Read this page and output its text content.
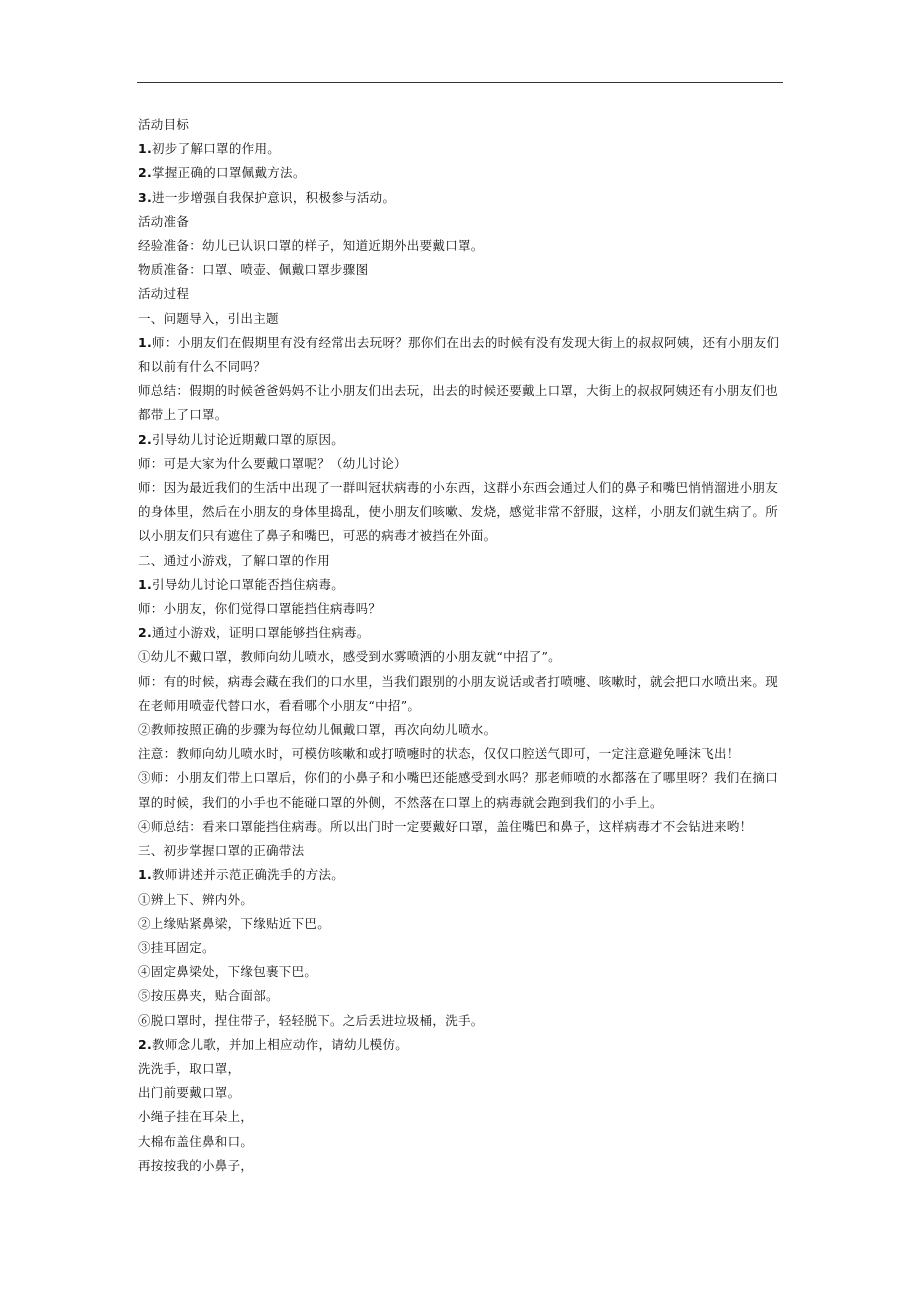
活动目标

1.初步了解口罩的作用。

2.掌握正确的口罩佩戴方法。

3.进一步增强自我保护意识，积极参与活动。

活动准备

经验准备：幼儿已认识口罩的样子，知道近期外出要戴口罩。

物质准备：口罩、喷壶、佩戴口罩步骤图

活动过程

一、问题导入，引出主题

1.师：小朋友们在假期里有没有经常出去玩呀？那你们在出去的时候有没有发现大街上的叔叔阿姨，还有小朋友们和以前有什么不同吗？

师总结：假期的时候爸爸妈妈不让小朋友们出去玩，出去的时候还要戴上口罩，大街上的叔叔阿姨还有小朋友们也都带上了口罩。

2.引导幼儿讨论近期戴口罩的原因。

师：可是大家为什么要戴口罩呢？（幼儿讨论）

师：因为最近我们的生活中出现了一群叫冠状病毒的小东西，这群小东西会通过人们的鼻子和嘴巴悄悄溜进小朋友的身体里，然后在小朋友的身体里捣乱，使小朋友们咳嗽、发烧，感觉非常不舒服，这样，小朋友们就生病了。所以小朋友们只有遮住了鼻子和嘴巴，可恶的病毒才被挡在外面。

二、通过小游戏，了解口罩的作用

1.引导幼儿讨论口罩能否挡住病毒。

师：小朋友，你们觉得口罩能挡住病毒吗？

2.通过小游戏，证明口罩能够挡住病毒。

①幼儿不戴口罩，教师向幼儿喷水，感受到水雾喷洒的小朋友就“中招了”。

师：有的时候，病毒会藏在我们的口水里，当我们跟别的小朋友说话或者打喷嚏、咳嗽时，就会把口水喷出来。现在老师用喷壶代替口水，看看哪个小朋友“中招”。

②教师按照正确的步骤为每位幼儿佩戴口罩，再次向幼儿喷水。

注意：教师向幼儿喷水时，可模仿咳嗽和或打喷嚏时的状态，仅仅口腔送气即可，一定注意避免唾沫飞出！

③师：小朋友们带上口罩后，你们的小鼻子和小嘴巴还能感受到水吗？那老师喷的水都落在了哪里呀？我们在摘口罩的时候，我们的小手也不能碰口罩的外侧，不然落在口罩上的病毒就会跑到我们的小手上。

④师总结：看来口罩能挡住病毒。所以出门时一定要戴好口罩，盖住嘴巴和鼻子，这样病毒才不会钻进来哟！

三、初步掌握口罩的正确带法

1.教师讲述并示范正确洗手的方法。

①辨上下、辨内外。

②上缘贴紧鼻梁，下缘贴近下巴。

③挂耳固定。

④固定鼻梁处，下缘包裹下巴。

⑤按压鼻夹，贴合面部。

⑥脱口罩时，捏住带子，轻轻脱下。之后丢进垃圾桶，洗手。

2.教师念儿歌，并加上相应动作，请幼儿模仿。

洗洗手，取口罩，

出门前要戴口罩。

小绳子挂在耳朵上，

大棉布盖住鼻和口。

再按按我的小鼻子，
